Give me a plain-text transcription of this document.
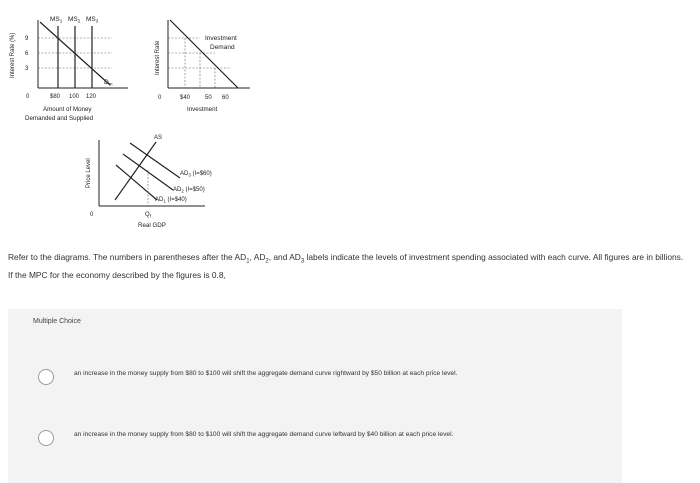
Interest Rate (%) 9
6
3
$MS_1$ $MS_2$ $MS_3$
$D_m$
0	$80 100 120
Amount of Money
Demanded and Supplied
Interest Rate
Investment
Demand
0	$40 50 60
Investment
Price Level
AS
$AD_3$ (I=$60)
$AD_2$ (I=$50)
$AD_1$ (I=$40)
0	$Q_f$
Real GDP
Refer to the diagrams. The numbers in parentheses after the $AD_1$, $AD_2$, and $AD_3$ labels indicate the levels of investment spending associated with each curve. All figures are in billions. If the MPC for the economy described by the figures is 0.8,
Multiple Choice
an increase in the money supply from $80 to $100 will shift the aggregate demand curve rightward by $50 billion at each price level.
an increase in the money supply from $80 to $100 will shift the aggregate demand curve leftward by $40 billion at each price level.
